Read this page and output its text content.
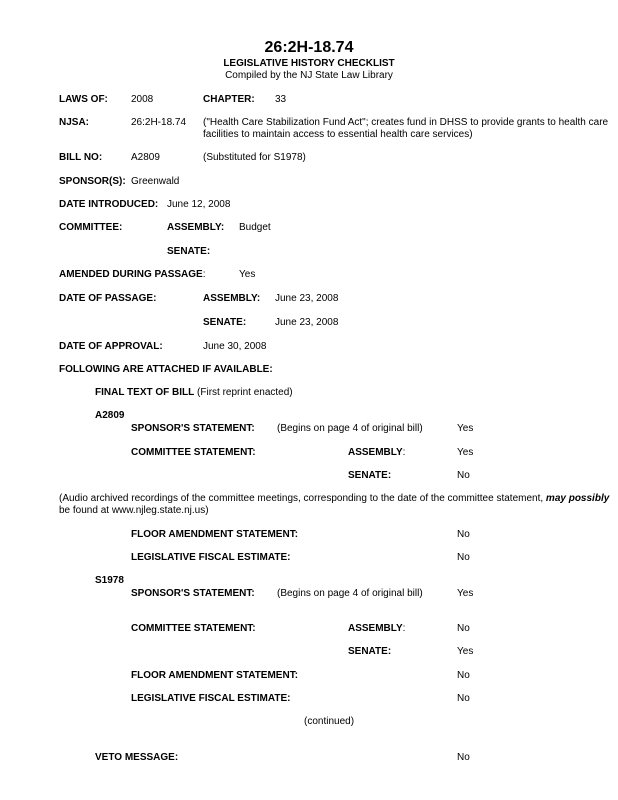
26:2H-18.74
LEGISLATIVE HISTORY CHECKLIST
Compiled by the NJ State Law Library
LAWS OF: 2008	CHAPTER: 33
NJSA:	26:2H-18.74 ("Health Care Stabilization Fund Act"; creates fund in DHSS to provide grants to health care
facilities to maintain access to essential health care services)
BILL NO:	A2809	(Substituted for S1978)
SPONSOR(S): Greenwald
DATE INTRODUCED: June 12, 2008
COMMITTEE:	ASSEMBLY: Budget
SENATE:
AMENDED DURING PASSAGE:	Yes
DATE OF PASSAGE:	ASSEMBLY: June 23, 2008
SENATE:	June 23, 2008
DATE OF APPROVAL:	June 30, 2008
FOLLOWING ARE ATTACHED IF AVAILABLE:
FINAL TEXT OF BILL (First reprint enacted)
A2809
SPONSOR'S STATEMENT: (Begins on page 4 of original bill)	Yes
COMMITTEE STATEMENT:	ASSEMBLY:	Yes
SENATE:	No
(Audio archived recordings of the committee meetings, corresponding to the date of the committee statement, may possibly
be found at www.njleg.state.nj.us)
FLOOR AMENDMENT STATEMENT:	No
LEGISLATIVE FISCAL ESTIMATE:	No
S1978
SPONSOR'S STATEMENT: (Begins on page 4 of original bill)	Yes
COMMITTEE STATEMENT:	ASSEMBLY:	No
SENATE:	Yes
FLOOR AMENDMENT STATEMENT:	No
LEGISLATIVE FISCAL ESTIMATE:	No
(continued)
VETO MESSAGE:	No
